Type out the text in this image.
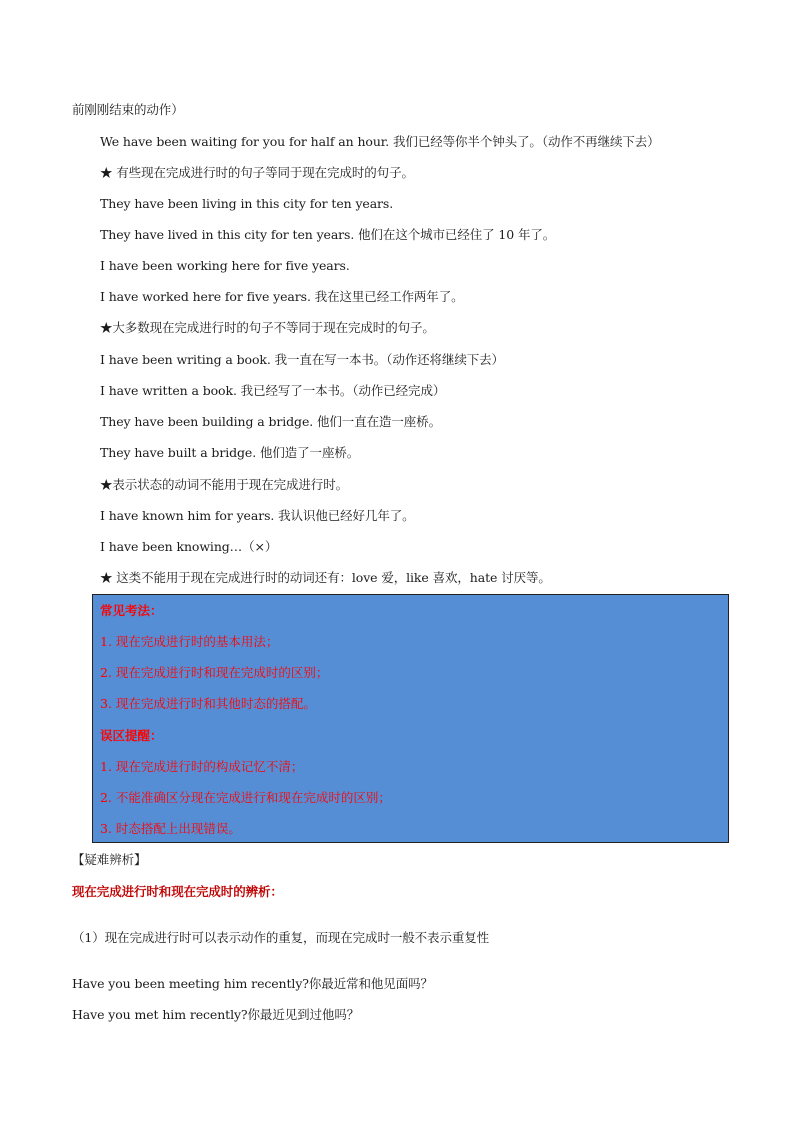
前刚刚结束的动作）
We have been waiting for you for half an hour. 我们已经等你半个钟头了。（动作不再继续下去）
★ 有些现在完成进行时的句子等同于现在完成时的句子。
They have been living in this city for ten years.
They have lived in this city for ten years. 他们在这个城市已经住了 10 年了。
I have been working here for five years.
I have worked here for five years. 我在这里已经工作两年了。
★大多数现在完成进行时的句子不等同于现在完成时的句子。
I have been writing a book. 我一直在写一本书。（动作还将继续下去）
I have written a book. 我已经写了一本书。（动作已经完成）
They have been building a bridge. 他们一直在造一座桥。
They have built a bridge. 他们造了一座桥。
★表示状态的动词不能用于现在完成进行时。
I have known him for years. 我认识他已经好几年了。
I have been knowing…（×）
★ 这类不能用于现在完成进行时的动词还有：love 爱，like 喜欢，hate 讨厌等。
常见考法：
1. 现在完成进行时的基本用法；
2. 现在完成进行时和现在完成时的区别；
3. 现在完成进行时和其他时态的搭配。
误区提醒：
1. 现在完成进行时的构成记忆不清；
2. 不能准确区分现在完成进行和现在完成时的区别；
3. 时态搭配上出现错误。
【疑难辨析】
现在完成进行时和现在完成时的辨析：
（1）现在完成进行时可以表示动作的重复，而现在完成时一般不表示重复性
Have you been meeting him recently?你最近常和他见面吗？
Have you met him recently?你最近见到过他吗？
